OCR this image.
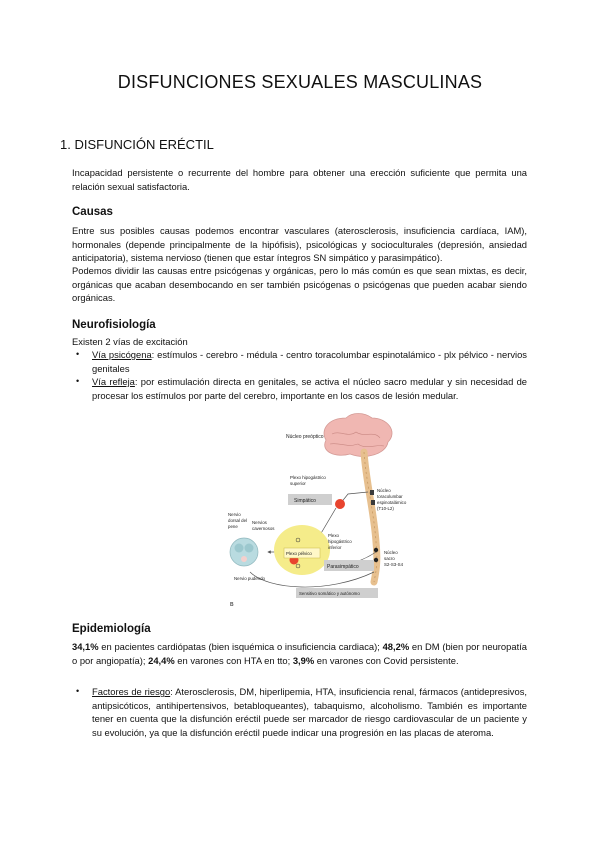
DISFUNCIONES SEXUALES MASCULINAS
1. DISFUNCIÓN ERÉCTIL
Incapacidad persistente o recurrente del hombre para obtener una erección suficiente que permita una relación sexual satisfactoria.
Causas
Entre sus posibles causas podemos encontrar vasculares (aterosclerosis, insuficiencia cardíaca, IAM), hormonales (depende principalmente de la hipófisis), psicológicas y socioculturales (depresión, ansiedad anticipatoria), sistema nervioso (tienen que estar íntegros SN simpático y parasimpático).
Podemos dividir las causas entre psicógenas y orgánicas, pero lo más común es que sean mixtas, es decir, orgánicas que acaban desembocando en ser también psicógenas o psicógenas que pueden acabar siendo orgánicas.
Neurofisiología
Existen 2 vías de excitación
• Vía psicógena: estímulos - cerebro - médula - centro toracolumbar espinotalámico - plx pélvico - nervios genitales
• Vía refleja: por estimulación directa en genitales, se activa el núcleo sacro medular y sin necesidad de procesar los estímulos por parte del cerebro, importante en los casos de lesión medular.
Núcleo preóptico
Plexo hipogástrico
superior
Simpático
Núcleo
toracolumbar
espinotalámico
(T10-L2)
Nervio
dorsal del
pene
Nervios
cavernosos
Plexo pélvico
Plexo
hipogástrico
inferior
Parasimpático
Núcleo
sacro
S2-S3-S4
Nervio pudendo
Sensitivo somático y autónomo
B
Epidemiología
34,1% en pacientes cardiópatas (bien isquémica o insuficiencia cardiaca); 48,2% en DM (bien por neuropatía o por angiopatía); 24,4% en varones con HTA en tto; 3,9% en varones con Covid persistente.
• Factores de riesgo: Aterosclerosis, DM, hiperlipemia, HTA, insuficiencia renal, fármacos (antidepresivos, antipsicóticos, antihipertensivos, betabloqueantes), tabaquismo, alcoholismo. También es importante tener en cuenta que la disfunción eréctil puede ser marcador de riesgo cardiovascular de un paciente y su evolución, ya que la disfunción eréctil puede indicar una progresión en las placas de ateroma.
